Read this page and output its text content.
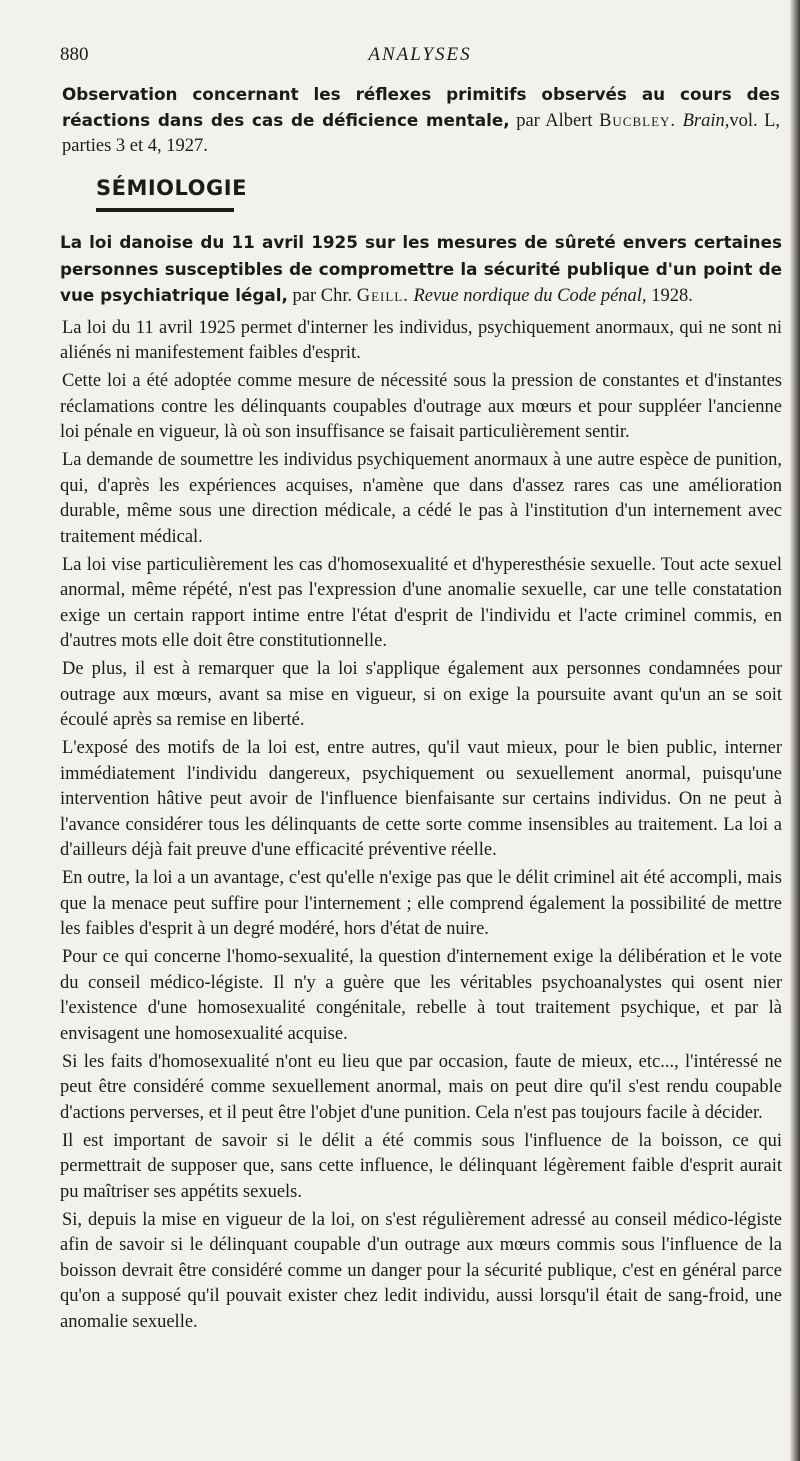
880	ANALYSES
Observation concernant les réflexes primitifs observés au cours des réactions dans des cas de déficience mentale, par Albert Bucbley. Brain,vol. L, parties 3 et 4, 1927.
SÉMIOLOGIE
La loi danoise du 11 avril 1925 sur les mesures de sûreté envers certaines personnes susceptibles de compromettre la sécurité publique d'un point de vue psychiatrique légal, par Chr. Geill. Revue nordique du Code pénal, 1928.

La loi du 11 avril 1925 permet d'interner les individus, psychiquement anormaux, qui ne sont ni aliénés ni manifestement faibles d'esprit.

Cette loi a été adoptée comme mesure de nécessité sous la pression de constantes et d'instantes réclamations contre les délinquants coupables d'outrage aux mœurs et pour suppléer l'ancienne loi pénale en vigueur, là où son insuffisance se faisait particulièrement sentir.

La demande de soumettre les individus psychiquement anormaux à une autre espèce de punition, qui, d'après les expériences acquises, n'amène que dans d'assez rares cas une amélioration durable, même sous une direction médicale, a cédé le pas à l'institution d'un internement avec traitement médical.

La loi vise particulièrement les cas d'homosexualité et d'hyperesthésie sexuelle. Tout acte sexuel anormal, même répété, n'est pas l'expression d'une anomalie sexuelle, car une telle constatation exige un certain rapport intime entre l'état d'esprit de l'individu et l'acte criminel commis, en d'autres mots elle doit être constitutionnelle.

De plus, il est à remarquer que la loi s'applique également aux personnes condamnées pour outrage aux mœurs, avant sa mise en vigueur, si on exige la poursuite avant qu'un an se soit écoulé après sa remise en liberté.

L'exposé des motifs de la loi est, entre autres, qu'il vaut mieux, pour le bien public, interner immédiatement l'individu dangereux, psychiquement ou sexuellement anormal, puisqu'une intervention hâtive peut avoir de l'influence bienfaisante sur certains individus. On ne peut à l'avance considérer tous les délinquants de cette sorte comme insensibles au traitement. La loi a d'ailleurs déjà fait preuve d'une efficacité préventive réelle.

En outre, la loi a un avantage, c'est qu'elle n'exige pas que le délit criminel ait été accompli, mais que la menace peut suffire pour l'internement ; elle comprend également la possibilité de mettre les faibles d'esprit à un degré modéré, hors d'état de nuire.

Pour ce qui concerne l'homo-sexualité, la question d'internement exige la délibération et le vote du conseil médico-légiste. Il n'y a guère que les véritables psychoanalystes qui osent nier l'existence d'une homosexualité congénitale, rebelle à tout traitement psychique, et par là envisagent une homosexualité acquise.

Si les faits d'homosexualité n'ont eu lieu que par occasion, faute de mieux, etc..., l'intéressé ne peut être considéré comme sexuellement anormal, mais on peut dire qu'il s'est rendu coupable d'actions perverses, et il peut être l'objet d'une punition. Cela n'est pas toujours facile à décider.

Il est important de savoir si le délit a été commis sous l'influence de la boisson, ce qui permettrait de supposer que, sans cette influence, le délinquant légèrement faible d'esprit aurait pu maîtriser ses appétits sexuels.

Si, depuis la mise en vigueur de la loi, on s'est régulièrement adressé au conseil médico-légiste afin de savoir si le délinquant coupable d'un outrage aux mœurs commis sous l'influence de la boisson devrait être considéré comme un danger pour la sécurité publique, c'est en général parce qu'on a supposé qu'il pouvait exister chez ledit individu, aussi lorsqu'il était de sang-froid, une anomalie sexuelle.
